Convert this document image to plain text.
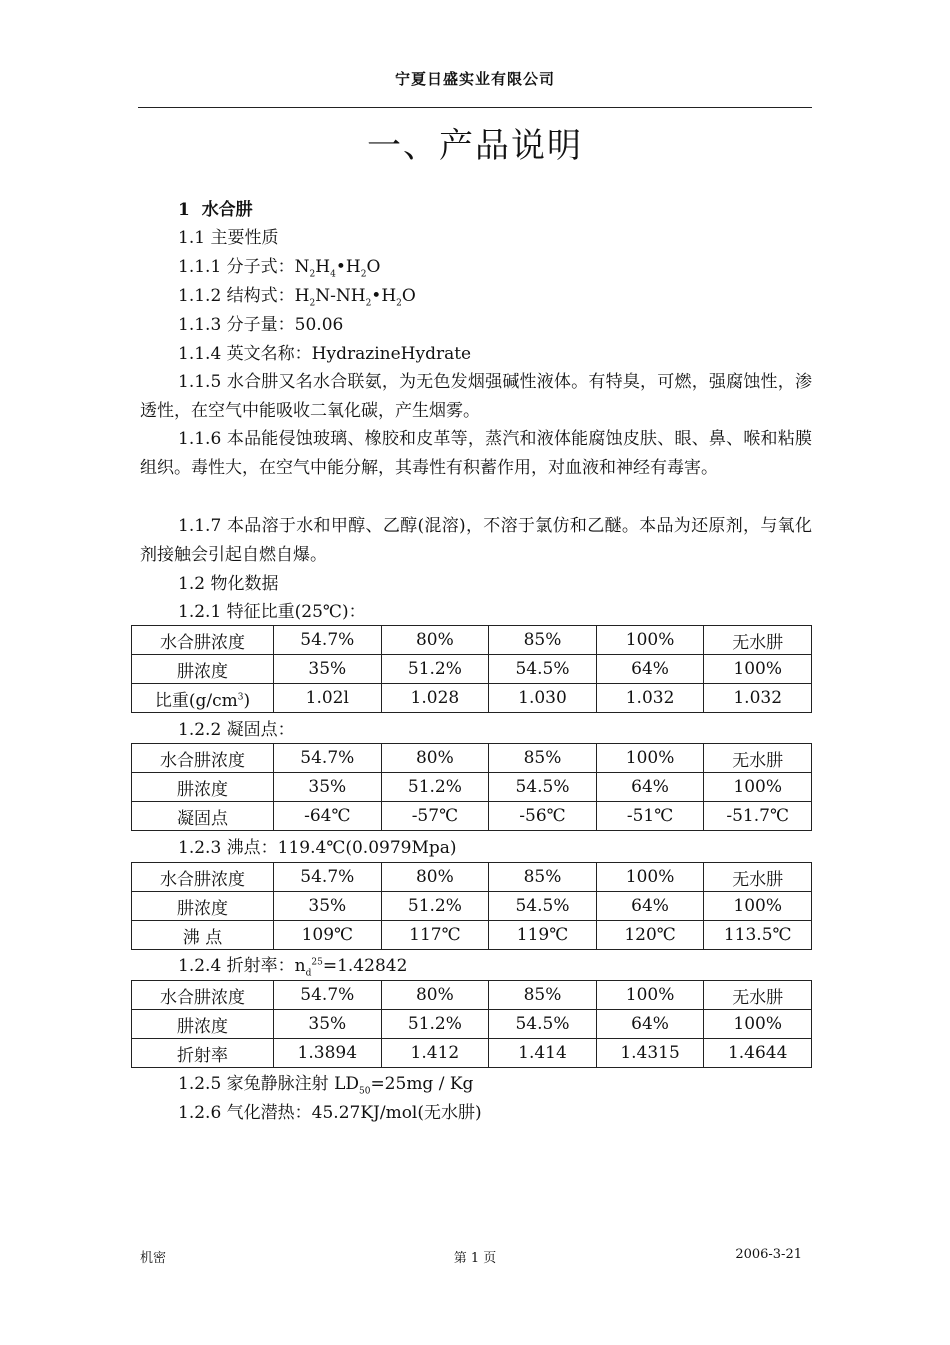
宁夏日盛实业有限公司
一、产品说明
1 水合肼
1.1 主要性质
1.1.1 分子式：$N_2H_4•H_2O$
1.1.2 结构式：$H_2N-NH_2•H_2O$
1.1.3 分子量：50.06
1.1.4 英文名称：HydrazineHydrate
1.1.5 水合肼又名水合联氨，为无色发烟强碱性液体。有特臭，可燃，强腐蚀性，渗透性，在空气中能吸收二氧化碳，产生烟雾。
1.1.6 本品能侵蚀玻璃、橡胶和皮革等，蒸汽和液体能腐蚀皮肤、眼、鼻、喉和粘膜组织。毒性大，在空气中能分解，其毒性有积蓄作用，对血液和神经有毒害。
1.1.7 本品溶于水和甲醇、乙醇(混溶)，不溶于氯仿和乙醚。本品为还原剂，与氧化剂接触会引起自燃自爆。
1.2 物化数据
1.2.1 特征比重(25℃)：
水合肼浓度	54.7%	80%	85%	100%	无水肼
肼浓度	35%	51.2%	54.5%	64%	100%
比重$(g/cm^3)$	1.02l	1.028	1.030	1.032	1.032
1.2.2 凝固点：
水合肼浓度	54.7%	80%	85%	100%	无水肼
肼浓度	35%	51.2%	54.5%	64%	100%
凝固点	-64℃	-57℃	-56℃	-51℃	-51.7℃
1.2.3 沸点：119.4℃(0.0979Mpa)
水合肼浓度	54.7%	80%	85%	100%	无水肼
肼浓度	35%	51.2%	54.5%	64%	100%
沸 点	109℃	117℃	119℃	120℃	113.5℃
1.2.4 折射率：$n_d^{25}=1.42842$
水合肼浓度	54.7%	80%	85%	100%	无水肼
肼浓度	35%	51.2%	54.5%	64%	100%
折射率	1.3894	1.412	1.414	1.4315	1.4644
1.2.5 家兔静脉注射 $LD_{50}=25mg / Kg$
1.2.6 气化潜热：45.27KJ/mol(无水肼)
机密	第 1 页	2006-3-21
